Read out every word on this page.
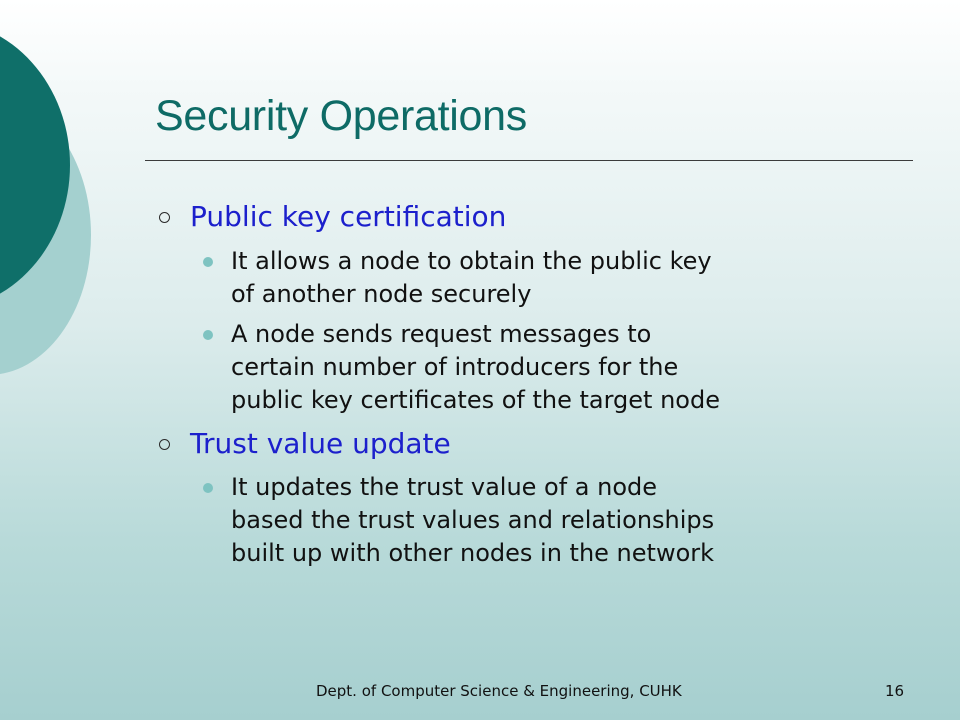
Security Operations
Public key certification
It allows a node to obtain the public key
of another node securely
A node sends request messages to
certain number of introducers for the
public key certificates of the target node
Trust value update
It updates the trust value of a node
based the trust values and relationships
built up with other nodes in the network
Dept. of Computer Science & Engineering, CUHK	16
